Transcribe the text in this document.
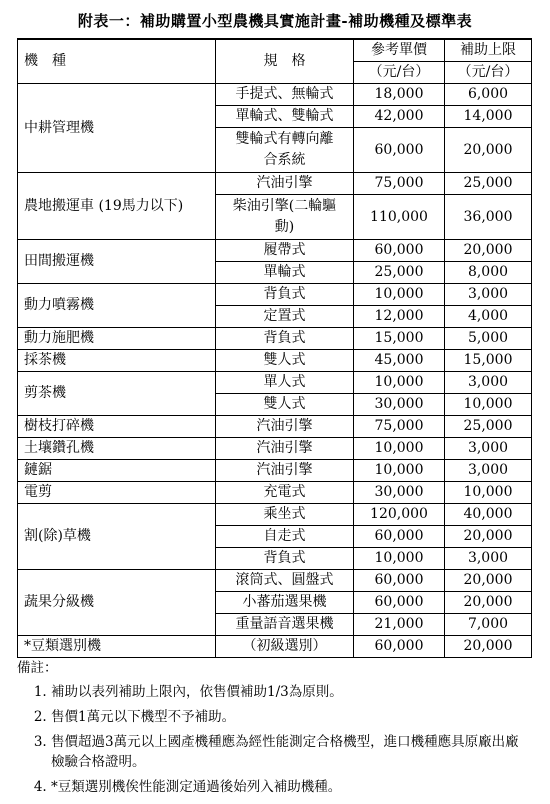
附表一：補助購置小型農機具實施計畫-補助機種及標準表
機　種	規　格	參考單價	補助上限
		（元/台）	（元/台）
中耕管理機	手提式、無輪式	18,000	6,000
	單輪式、雙輪式	42,000	14,000
	雙輪式有轉向離合系統	60,000	20,000
農地搬運車 (19馬力以下)	汽油引擎	75,000	25,000
	柴油引擎(二輪驅動)	110,000	36,000
田間搬運機	履帶式	60,000	20,000
	單輪式	25,000	8,000
動力噴霧機	背負式	10,000	3,000
	定置式	12,000	4,000
動力施肥機	背負式	15,000	5,000
採茶機	雙人式	45,000	15,000
剪茶機	單人式	10,000	3,000
	雙人式	30,000	10,000
樹枝打碎機	汽油引擎	75,000	25,000
土壤鑽孔機	汽油引擎	10,000	3,000
鏈鋸	汽油引擎	10,000	3,000
電剪	充電式	30,000	10,000
割(除)草機	乘坐式	120,000	40,000
	自走式	60,000	20,000
	背負式	10,000	3,000
蔬果分級機	滾筒式、圓盤式	60,000	20,000
	小蕃茄選果機	60,000	20,000
	重量語音選果機	21,000	7,000
*豆類選別機	（初級選別）	60,000	20,000
備註：
1. 補助以表列補助上限內，依售價補助1/3為原則。
2. 售價1萬元以下機型不予補助。
3. 售價超過3萬元以上國產機種應為經性能測定合格機型，進口機種應具原廠出廠檢驗合格證明。
4. *豆類選別機俟性能測定通過後始列入補助機種。
